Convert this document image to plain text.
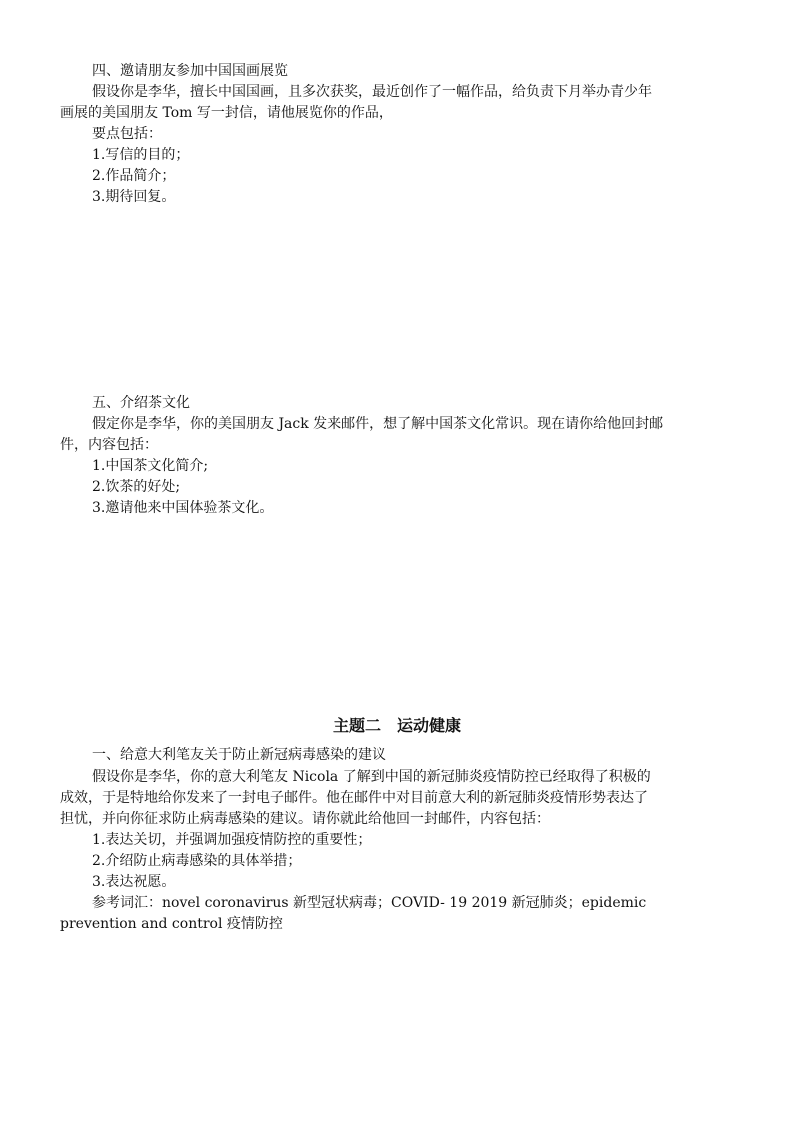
四、邀请朋友参加中国国画展览
假设你是李华，擅长中国国画，且多次获奖，最近创作了一幅作品，给负责下月举办青少年
画展的美国朋友 Tom 写一封信，请他展览你的作品，
要点包括：
1.写信的目的；
2.作品简介；
3.期待回复。
五、介绍茶文化
假定你是李华，你的美国朋友 Jack 发来邮件，想了解中国茶文化常识。现在请你给他回封邮
件，内容包括：
1.中国茶文化简介;
2.饮茶的好处;
3.邀请他来中国体验茶文化。
主题二　运动健康
一、给意大利笔友关于防止新冠病毒感染的建议
假设你是李华，你的意大利笔友 Nicola 了解到中国的新冠肺炎疫情防控已经取得了积极的
成效，于是特地给你发来了一封电子邮件。他在邮件中对目前意大利的新冠肺炎疫情形势表达了
担忧，并向你征求防止病毒感染的建议。请你就此给他回一封邮件，内容包括：
1.表达关切，并强调加强疫情防控的重要性；
2.介绍防止病毒感染的具体举措；
3.表达祝愿。
参考词汇：novel coronavirus 新型冠状病毒；COVID- 19 2019 新冠肺炎；epidemic
prevention and control 疫情防控
